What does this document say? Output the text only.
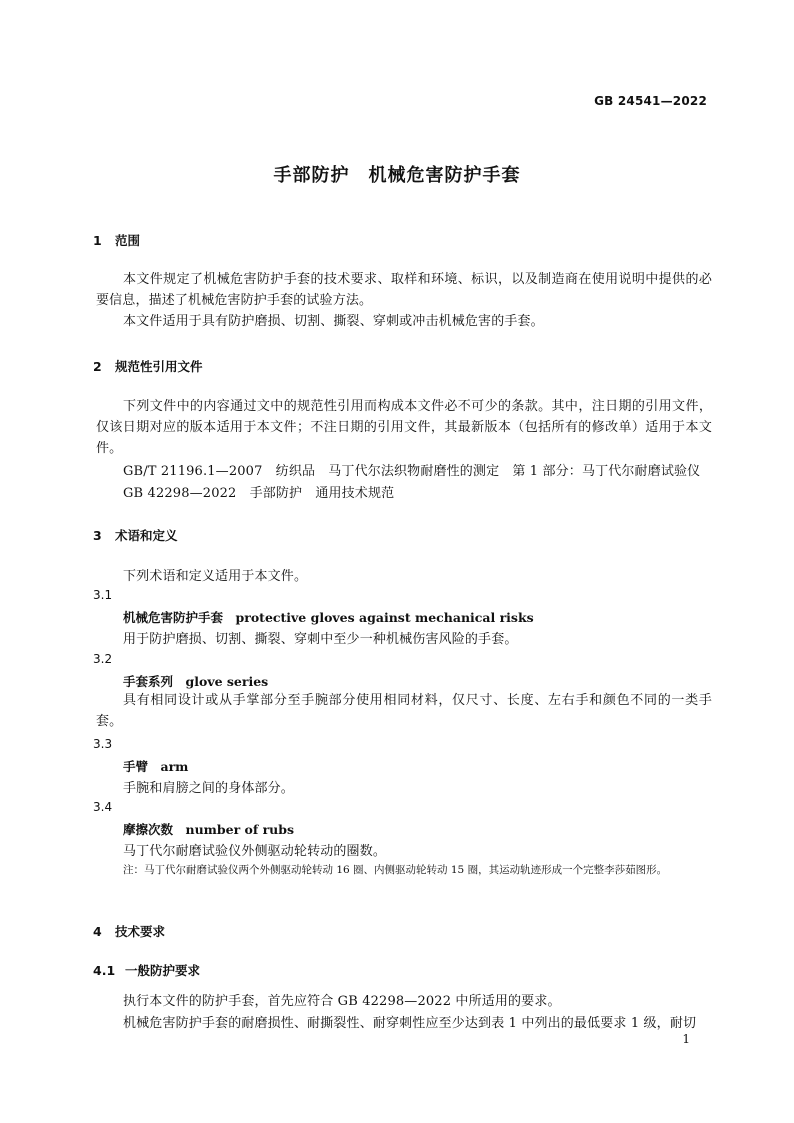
GB 24541—2022
手部防护　机械危害防护手套
1 范围
本文件规定了机械危害防护手套的技术要求、取样和环境、标识，以及制造商在使用说明中提供的必要信息，描述了机械危害防护手套的试验方法。
本文件适用于具有防护磨损、切割、撕裂、穿刺或冲击机械危害的手套。
2 规范性引用文件
下列文件中的内容通过文中的规范性引用而构成本文件必不可少的条款。其中，注日期的引用文件，仅该日期对应的版本适用于本文件；不注日期的引用文件，其最新版本（包括所有的修改单）适用于本文件。
GB/T 21196.1—2007　纺织品　马丁代尔法织物耐磨性的测定　第 1 部分：马丁代尔耐磨试验仪
GB 42298—2022　手部防护　通用技术规范
3 术语和定义
下列术语和定义适用于本文件。
3.1
机械危害防护手套　protective gloves against mechanical risks
用于防护磨损、切割、撕裂、穿刺中至少一种机械伤害风险的手套。
3.2
手套系列　glove series
具有相同设计或从手掌部分至手腕部分使用相同材料，仅尺寸、长度、左右手和颜色不同的一类手套。
3.3
手臂　arm
手腕和肩膀之间的身体部分。
3.4
摩擦次数　number of rubs
马丁代尔耐磨试验仪外侧驱动轮转动的圈数。
注：马丁代尔耐磨试验仪两个外侧驱动轮转动 16 圈、内侧驱动轮转动 15 圈，其运动轨迹形成一个完整李莎茹图形。
4 技术要求
4.1 一般防护要求
执行本文件的防护手套，首先应符合 GB 42298—2022 中所适用的要求。
机械危害防护手套的耐磨损性、耐撕裂性、耐穿刺性应至少达到表 1 中列出的最低要求 1 级，耐切
1
